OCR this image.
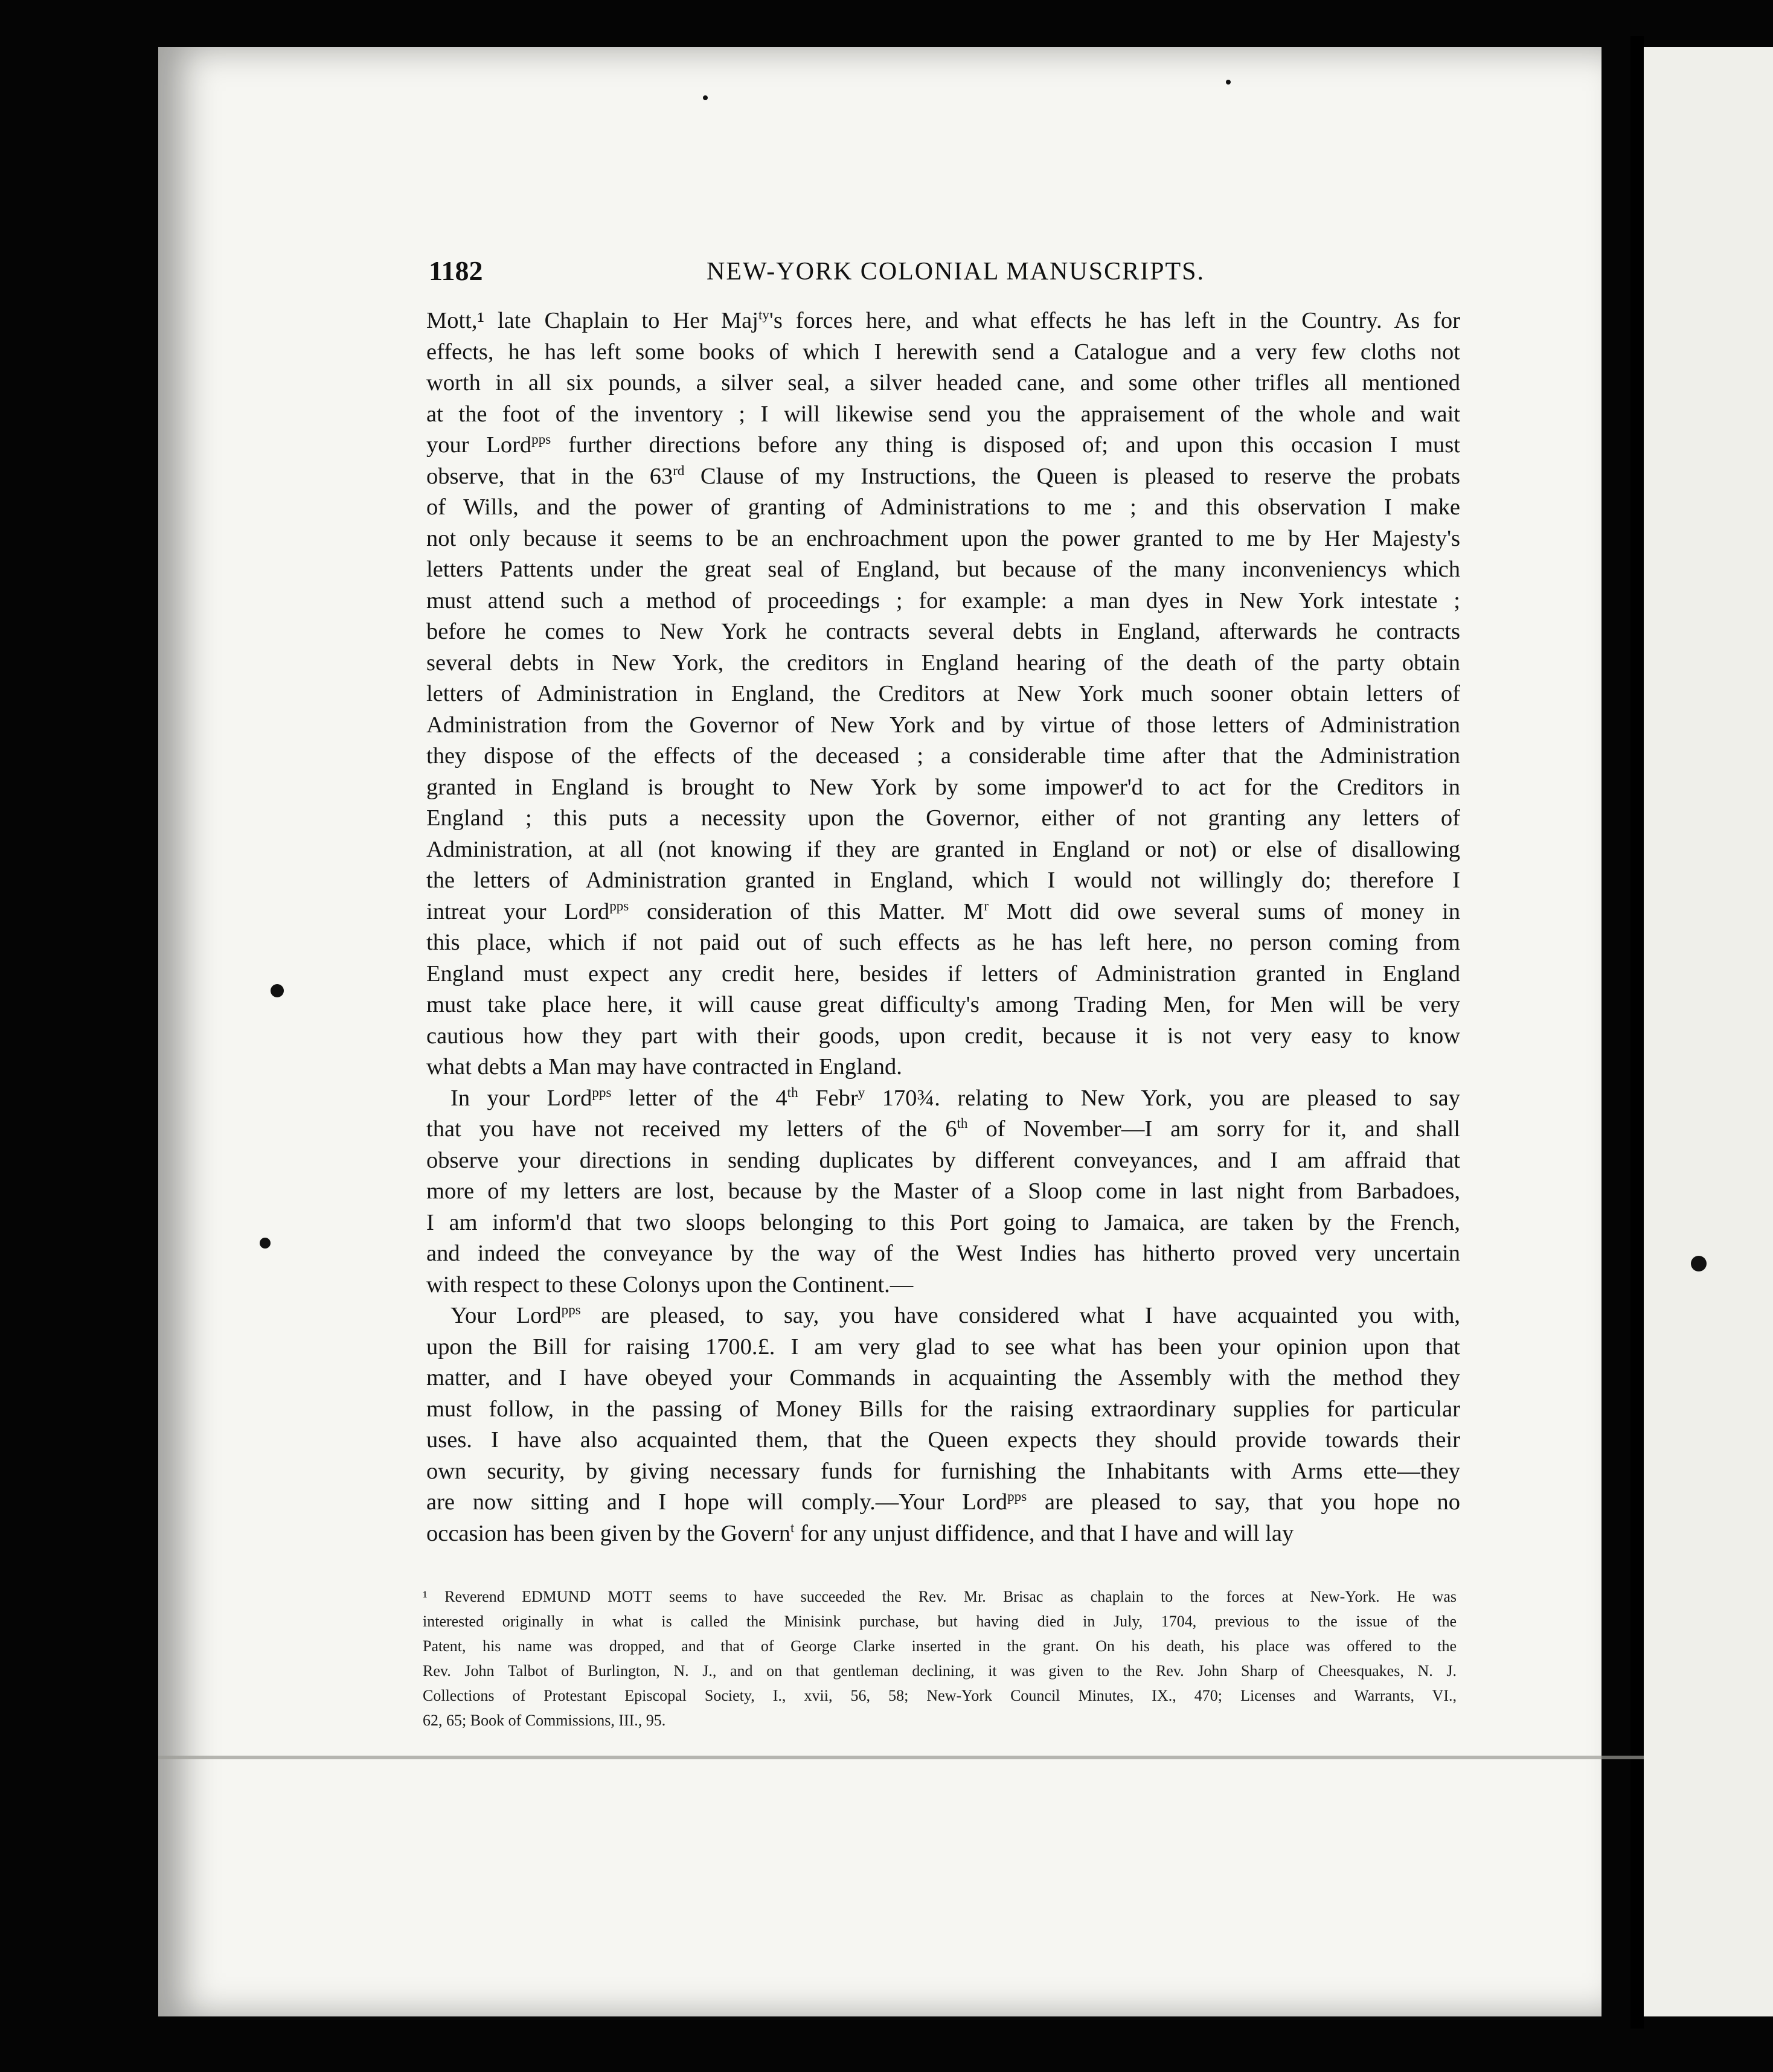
1182	NEW-YORK COLONIAL MANUSCRIPTS.
Mott,¹ late Chaplain to Her Maj$^{ty}$'s forces here, and what effects he has left in the Country. As for
effects, he has left some books of which I herewith send a Catalogue and a very few cloths not
worth in all six pounds, a silver seal, a silver headed cane, and some other trifles all mentioned
at the foot of the inventory ; I will likewise send you the appraisement of the whole and wait
your Lord$^{pps}$ further directions before any thing is disposed of; and upon this occasion I must
observe, that in the 63rd Clause of my Instructions, the Queen is pleased to reserve the probats
of Wills, and the power of granting of Administrations to me ; and this observation I make
not only because it seems to be an enchroachment upon the power granted to me by Her Majesty's
letters Pattents under the great seal of England, but because of the many inconveniencys which
must attend such a method of proceedings ; for example: a man dyes in New York intestate ;
before he comes to New York he contracts several debts in England, afterwards he contracts
several debts in New York, the creditors in England hearing of the death of the party obtain
letters of Administration in England, the Creditors at New York much sooner obtain letters of
Administration from the Governor of New York and by virtue of those letters of Administration
they dispose of the effects of the deceased ; a considerable time after that the Administration
granted in England is brought to New York by some impower'd to act for the Creditors in
England ; this puts a necessity upon the Governor, either of not granting any letters of
Administration, at all (not knowing if they are granted in England or not) or else of disallowing
the letters of Administration granted in England, which I would not willingly do; therefore I
intreat your Lord$^{pps}$ consideration of this Matter. $M^r$ Mott did owe several sums of money in
this place, which if not paid out of such effects as he has left here, no person coming from
England must expect any credit here, besides if letters of Administration granted in England
must take place here, it will cause great difficulty's among Trading Men, for Men will be very
cautious how they part with their goods, upon credit, because it is not very easy to know
what debts a Man may have contracted in England.
In your Lord$^{pps}$ letter of the 4th Febr$^y$ 170¾. relating to New York, you are pleased to say
that you have not received my letters of the 6th of November—I am sorry for it, and shall
observe your directions in sending duplicates by different conveyances, and I am affraid that
more of my letters are lost, because by the Master of a Sloop come in last night from Barbadoes,
I am inform'd that two sloops belonging to this Port going to Jamaica, are taken by the French,
and indeed the conveyance by the way of the West Indies has hitherto proved very uncertain
with respect to these Colonys upon the Continent.—
Your Lord$^{pps}$ are pleased, to say, you have considered what I have acquainted you with,
upon the Bill for raising 1700.£. I am very glad to see what has been your opinion upon that
matter, and I have obeyed your Commands in acquainting the Assembly with the method they
must follow, in the passing of Money Bills for the raising extraordinary supplies for particular
uses. I have also acquainted them, that the Queen expects they should provide towards their
own security, by giving necessary funds for furnishing the Inhabitants with Arms ette—they
are now sitting and I hope will comply.—Your Lord$^{pps}$ are pleased to say, that you hope no
occasion has been given by the Govern$^t$ for any unjust diffidence, and that I have and will lay
¹ Reverend EDMUND MOTT seems to have succeeded the Rev. Mr. Brisac as chaplain to the forces at New-York. He was
interested originally in what is called the Minisink purchase, but having died in July, 1704, previous to the issue of the
Patent, his name was dropped, and that of George Clarke inserted in the grant. On his death, his place was offered to the
Rev. John Talbot of Burlington, N. J., and on that gentleman declining, it was given to the Rev. John Sharp of Cheesquakes, N. J.
Collections of Protestant Episcopal Society, I., xvii, 56, 58; New-York Council Minutes, IX., 470; Licenses and Warrants, VI.,
62, 65; Book of Commissions, III., 95.
